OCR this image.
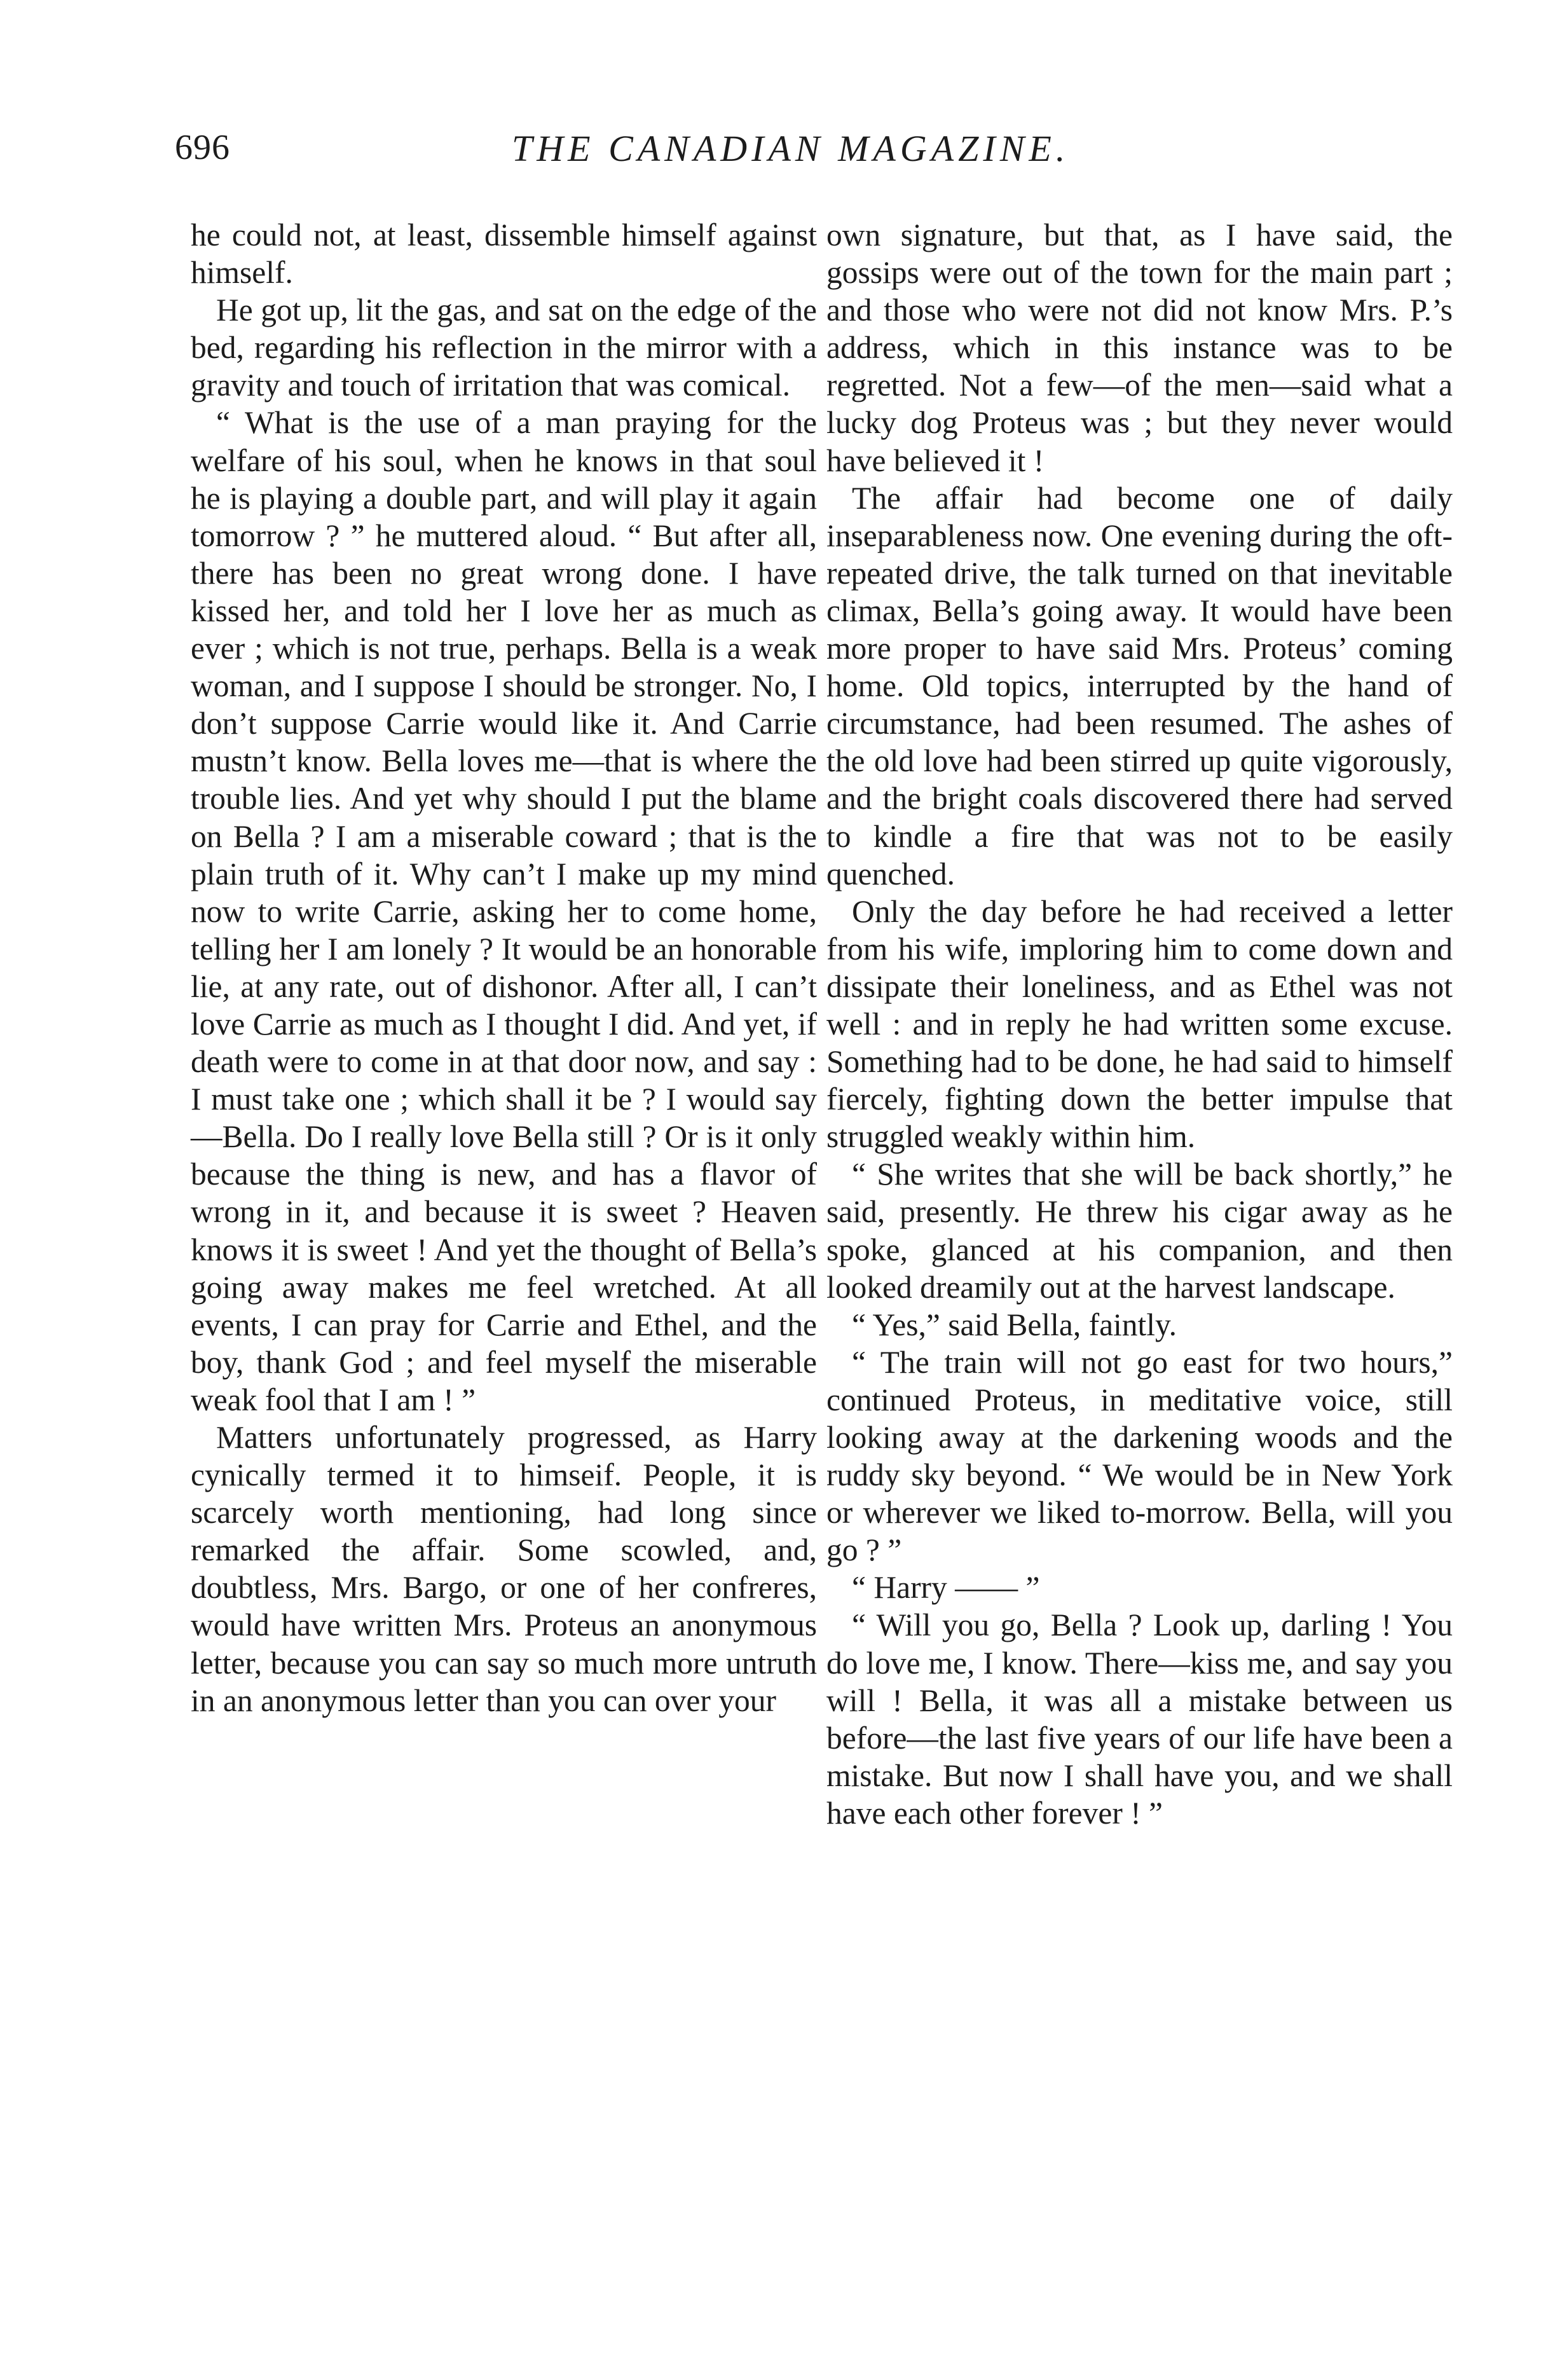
696	THE CANADIAN MAGAZINE.

he could not, at least, dissemble himself against himself.

He got up, lit the gas, and sat on the edge of the bed, regarding his reflection in the mirror with a gravity and touch of irritation that was comical.

“ What is the use of a man praying for the welfare of his soul, when he knows in that soul he is playing a double part, and will play it again tomorrow ? ” he muttered aloud. “ But after all, there has been no great wrong done. I have kissed her, and told her I love her as much as ever ; which is not true, perhaps. Bella is a weak woman, and I suppose I should be stronger. No, I don’t suppose Carrie would like it. And Carrie mustn’t know. Bella loves me—that is where the trouble lies. And yet why should I put the blame on Bella ? I am a miserable coward ; that is the plain truth of it. Why can’t I make up my mind now to write Carrie, asking her to come home, telling her I am lonely ? It would be an honorable lie, at any rate, out of dishonor. After all, I can’t love Carrie as much as I thought I did. And yet, if death were to come in at that door now, and say : I must take one ; which shall it be ? I would say—Bella. Do I really love Bella still ? Or is it only because the thing is new, and has a flavor of wrong in it, and because it is sweet ? Heaven knows it is sweet ! And yet the thought of Bella’s going away makes me feel wretched. At all events, I can pray for Carrie and Ethel, and the boy, thank God ; and feel myself the miserable weak fool that I am ! ”

Matters unfortunately progressed, as Harry cynically termed it to himseif. People, it is scarcely worth mentioning, had long since remarked the affair. Some scowled, and, doubtless, Mrs. Bargo, or one of her confreres, would have written Mrs. Proteus an anonymous letter, because you can say so much more untruth in an anonymous letter than you can over your

own signature, but that, as I have said, the gossips were out of the town for the main part ; and those who were not did not know Mrs. P.’s address, which in this instance was to be regretted. Not a few—of the men—said what a lucky dog Proteus was ; but they never would have believed it !

The affair had become one of daily inseparableness now. One evening during the oft-repeated drive, the talk turned on that inevitable climax, Bella’s going away. It would have been more proper to have said Mrs. Proteus’ coming home. Old topics, interrupted by the hand of circumstance, had been resumed. The ashes of the old love had been stirred up quite vigorously, and the bright coals discovered there had served to kindle a fire that was not to be easily quenched.

Only the day before he had received a letter from his wife, imploring him to come down and dissipate their loneliness, and as Ethel was not well : and in reply he had written some excuse. Something had to be done, he had said to himself fiercely, fighting down the better impulse that struggled weakly within him.

“ She writes that she will be back shortly,” he said, presently. He threw his cigar away as he spoke, glanced at his companion, and then looked dreamily out at the harvest landscape.

“ Yes,” said Bella, faintly.

“ The train will not go east for two hours,” continued Proteus, in meditative voice, still looking away at the darkening woods and the ruddy sky beyond. “ We would be in New York or wherever we liked to-morrow. Bella, will you go ? ”

“ Harry —— ”

“ Will you go, Bella ? Look up, darling ! You do love me, I know. There—kiss me, and say you will ! Bella, it was all a mistake between us before—the last five years of our life have been a mistake. But now I shall have you, and we shall have each other forever ! ”
